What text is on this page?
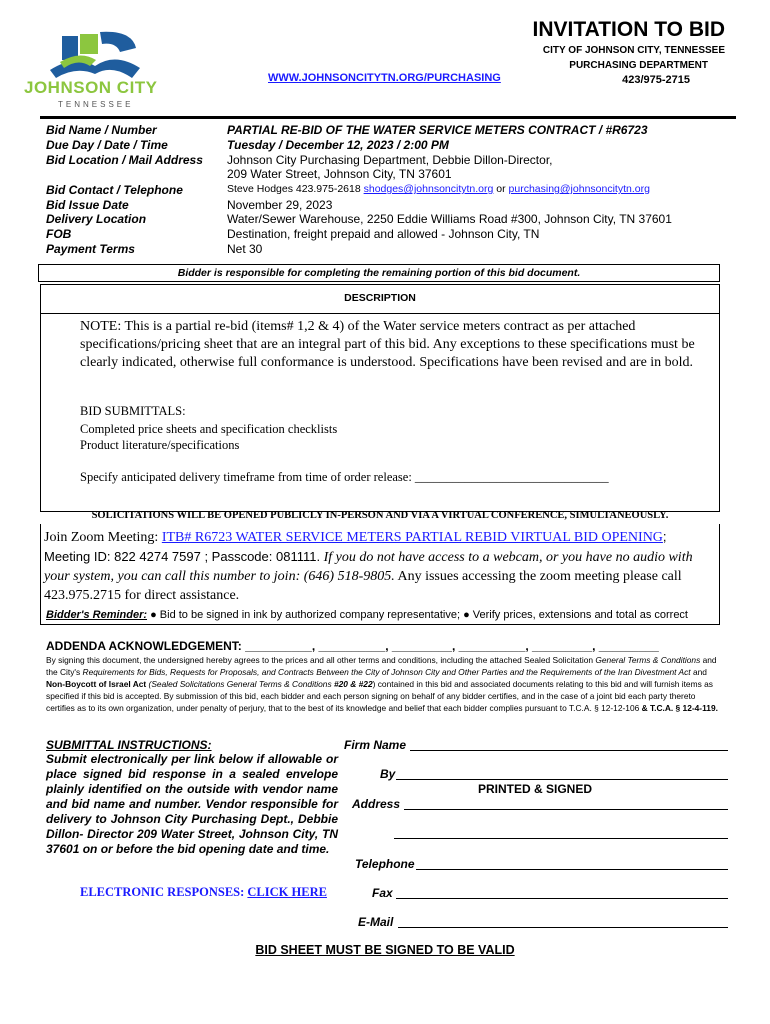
JOHNSON CITY
TENNESSEE
INVITATION TO BID
CITY OF JOHNSON CITY, TENNESSEE
PURCHASING DEPARTMENT
423/975-2715
WWW.JOHNSONCITYTN.ORG/PURCHASING
Bid Name / Number
Due Day / Date / Time
Bid Location / Mail Address
Bid Contact / Telephone
Bid Issue Date
Delivery Location
FOB
Payment Terms
PARTIAL RE-BID OF THE WATER SERVICE METERS CONTRACT / #R6723
Tuesday / December 12, 2023 / 2:00 PM
Johnson City Purchasing Department, Debbie Dillon-Director,
209 Water Street, Johnson City, TN 37601
Steve Hodges 423.975-2618 shodges@johnsoncitytn.org or purchasing@johnsoncitytn.org
November 29, 2023
Water/Sewer Warehouse, 2250 Eddie Williams Road #300, Johnson City, TN 37601
Destination, freight prepaid and allowed - Johnson City, TN
Net 30
Bidder is responsible for completing the remaining portion of this bid document.
DESCRIPTION
NOTE: This is a partial re-bid (items# 1,2 & 4) of the Water service meters contract as per attached specifications/pricing sheet that are an integral part of this bid. Any exceptions to these specifications must be clearly indicated, otherwise full conformance is understood. Specifications have been revised and are in bold.
BID SUBMITTALS:
Completed price sheets and specification checklists
Product literature/specifications
Specify anticipated delivery timeframe from time of order release: _______________________________
SOLICITATIONS WILL BE OPENED PUBLICLY IN-PERSON AND VIA A VIRTUAL CONFERENCE, SIMULTANEOUSLY.
Join Zoom Meeting: ITB# R6723 WATER SERVICE METERS PARTIAL REBID VIRTUAL BID OPENING; Meeting ID: 822 4274 7597 ; Passcode: 081111. If you do not have access to a webcam, or you have no audio with your system, you can call this number to join: (646) 518-9805. Any issues accessing the zoom meeting please call 423.975.2715 for direct assistance.
Bidder's Reminder: ● Bid to be signed in ink by authorized company representative; ● Verify prices, extensions and total as correct
ADDENDA ACKNOWLEDGEMENT: __________, __________, _________, __________, _________, _________
By signing this document, the undersigned hereby agrees to the prices and all other terms and conditions, including the attached Sealed Solicitation General Terms & Conditions and the City's Requirements for Bids, Requests for Proposals, and Contracts Between the City of Johnson City and Other Parties and the Requirements of the Iran Divestment Act and Non-Boycott of Israel Act (Sealed Solicitations General Terms & Conditions #20 & #22) contained in this bid and associated documents relating to this bid and will furnish items as specified if this bid is accepted. By submission of this bid, each bidder and each person signing on behalf of any bidder certifies, and in the case of a joint bid each party thereto certifies as to its own organization, under penalty of perjury, that to the best of its knowledge and belief that each bidder complies pursuant to T.C.A. § 12-12-106 & T.C.A. § 12-4-119.
SUBMITTAL INSTRUCTIONS:
Submit electronically per link below if allowable or place signed bid response in a sealed envelope plainly identified on the outside with vendor name and bid name and number. Vendor responsible for delivery to Johnson City Purchasing Dept., Debbie Dillon- Director 209 Water Street, Johnson City, TN 37601 on or before the bid opening date and time.
ELECTRONIC RESPONSES: CLICK HERE
Firm Name
By
PRINTED & SIGNED
Address
Telephone
Fax
E-Mail
BID SHEET MUST BE SIGNED TO BE VALID
